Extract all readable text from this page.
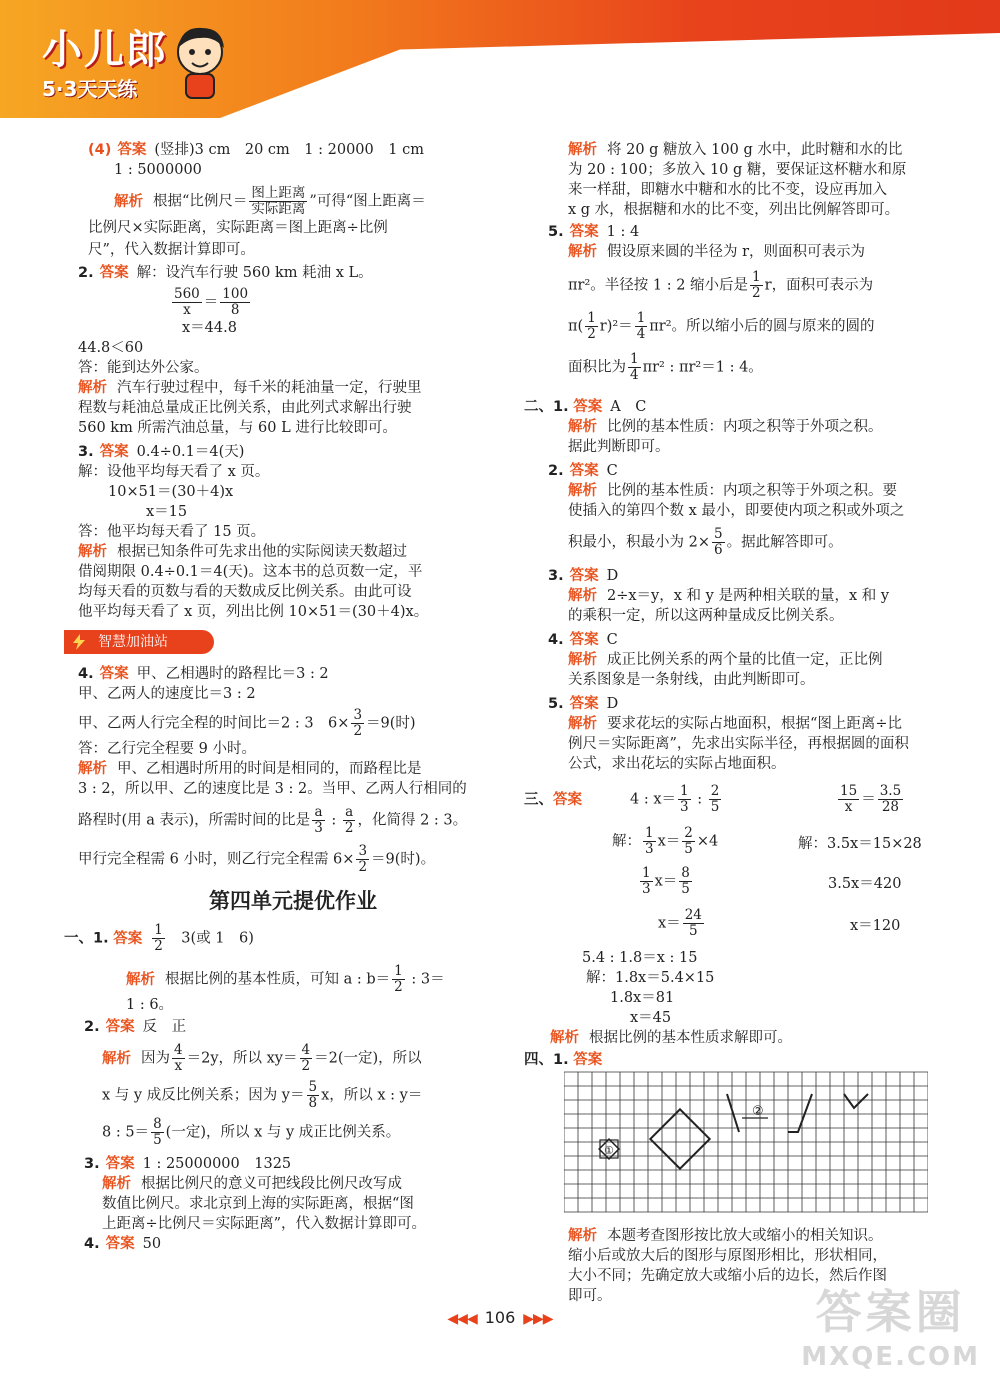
小儿郎
5·3天天练

(4) 答案 (竖排)3 cm　20 cm　1 : 20000　1 cm

1 : 5000000

解析 根据“比例尺＝ $\frac{\text{图上距离}}{\text{实际距离}}$ ”可得“图上距离＝

比例尺×实际距离，实际距离＝图上距离÷比例

尺”，代入数据计算即可。

2. 答案 解：设汽车行驶 560 km 耗油 x L。

$\frac{560}{x} = \frac{100}{8}$

x＝44.8

44.8＜60

答：能到达外公家。

解析 汽车行驶过程中，每千米的耗油量一定，行驶里

程数与耗油总量成正比例关系，由此列式求解出行驶

560 km 所需汽油总量，与 60 L 进行比较即可。

3. 答案 0.4÷0.1＝4(天)

解：设他平均每天看了 x 页。

10×51＝(30＋4)x

x＝15

答：他平均每天看了 15 页。

解析 根据已知条件可先求出他的实际阅读天数超过

借阅期限 0.4÷0.1＝4(天)。这本书的总页数一定，平

均每天看的页数与看的天数成反比例关系。由此可设

他平均每天看了 x 页，列出比例 10×51＝(30＋4)x。

智慧加油站

4. 答案 甲、乙相遇时的路程比＝3 : 2

甲、乙两人的速度比＝3 : 2

甲、乙两人行完全程的时间比＝2 : 3　$6\times \frac{3}{2} =9$(时)

答：乙行完全程要 9 小时。

解析 甲、乙相遇时所用的时间是相同的，而路程比是

3 : 2，所以甲、乙的速度比是 3 : 2。当甲、乙两人行相同的

路程时(用 a 表示)，所需时间的比是 $\frac{a}{3}$ : $\frac{a}{2}$ ，化简得 2 : 3。

甲行完全程需 6 小时，则乙行完全程需 $6\times \frac{3}{2} =9$(时)。

第四单元提优作业

一、1. 答案 $\frac{1}{2}$ 　3(或 1　6)

解析 根据比例的基本性质，可知 a : $b= \frac{1}{2}$ : 3＝

1 : 6。

2. 答案 反　正

解析 因为 $\frac{4}{x} =2y$，所以 $xy= \frac{4}{2} =2$(一定)，所以

x 与 y 成反比例关系；因为 $y= \frac{5}{8}$ x，所以 x : y＝

8 : $5= \frac{8}{5}$ (一定)，所以 x 与 y 成正比例关系。

3. 答案 1 : 25000000　1325

解析 根据比例尺的意义可把线段比例尺改写成

数值比例尺。求北京到上海的实际距离，根据“图

上距离÷比例尺＝实际距离”，代入数据计算即可。

4. 答案 50

解析 将 20 g 糖放入 100 g 水中，此时糖和水的比

为 20 : 100；多放入 10 g 糖，要保证这杯糖水和原

来一样甜，即糖水中糖和水的比不变，设应再加入

x g 水，根据糖和水的比不变，列出比例解答即可。

5. 答案 1 : 4

解析 假设原来圆的半径为 r，则面积可表示为

πr²。半径按 1 : 2 缩小后是 $\frac{1}{2}$ r，面积可表示为

$\pi( \frac{1}{2} r)^2= \frac{1}{4} \pi r^2$。所以缩小后的圆与原来的圆的

面积比为 $\frac{1}{4} \pi r^2$ : πr²＝1 : 4。

二、1. 答案 A　C

解析 比例的基本性质：内项之积等于外项之积。

据此判断即可。

2. 答案 C

解析 比例的基本性质：内项之积等于外项之积。要

使插入的第四个数 x 最小，即要使内项之积或外项之

积最小，积最小为 $2\times \frac{5}{6}$ 。据此解答即可。

3. 答案 D

解析 2÷x＝y，x 和 y 是两种相关联的量，x 和 y

的乘积一定，所以这两种量成反比例关系。

4. 答案 C

解析 成正比例关系的两个量的比值一定，正比例

关系图象是一条射线，由此判断即可。

5. 答案 D

解析 要求花坛的实际占地面积，根据“图上距离÷比

例尺＝实际距离”，先求出实际半径，再根据圆的面积

公式，求出花坛的实际占地面积。

三、答案	4 : $x= \frac{1}{3}$ : $\frac{2}{5}$	$\frac{15}{x} = \frac{3.5}{28}$
解： $\frac{1}{3} x= \frac{2}{5} \times 4$	解：3.5x＝15×28
$\frac{1}{3} x= \frac{8}{5}$	3.5x＝420
$x= \frac{24}{5}$	x＝120
5.4 : 1.8＝x : 15
解：1.8x＝5.4×15
1.8x＝81
x＝45
解析 根据比例的基本性质求解即可。

四、1. 答案

②
①

解析 本题考查图形按比放大或缩小的相关知识。

缩小后或放大后的图形与原图形相比，形状相同，

大小不同；先确定放大或缩小后的边长，然后作图

即可。

◀◀◀ 106 ▶▶▶	答案圈
MXQE.COM
